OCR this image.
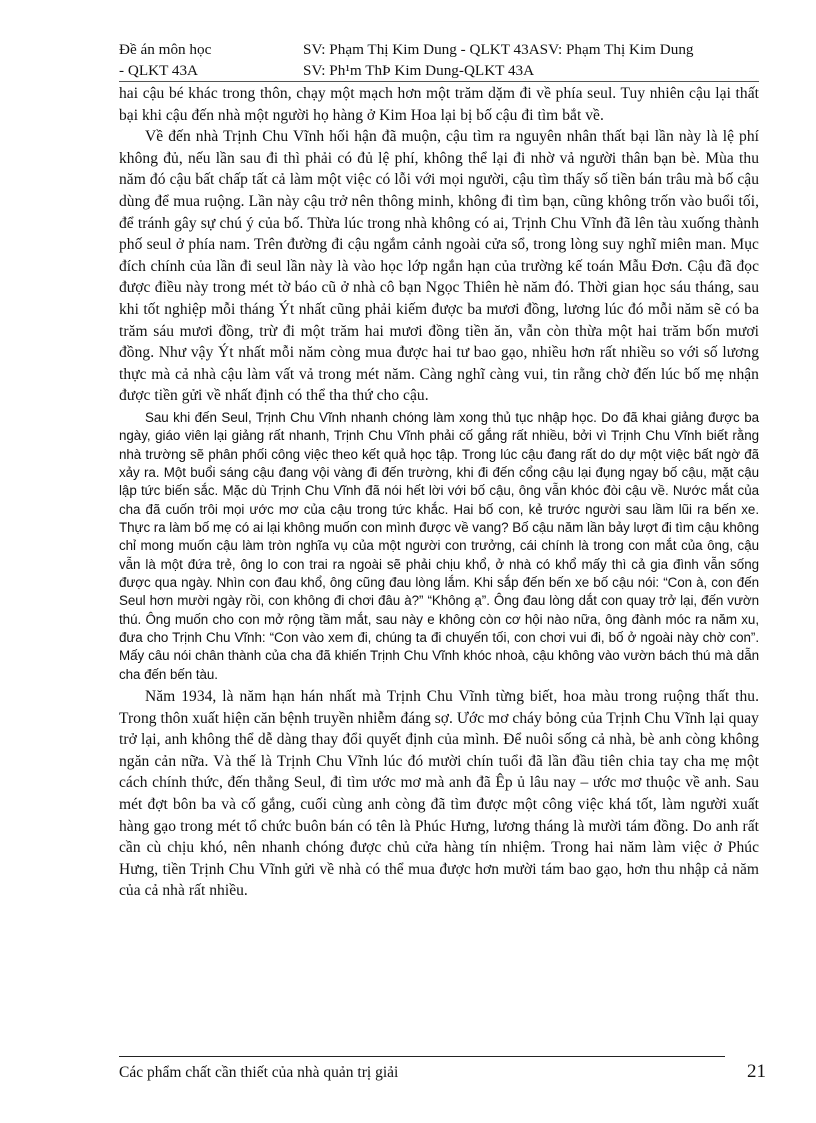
Đề án môn học	SV: Phạm Thị Kim Dung - QLKT 43ASV: Phạm Thị Kim Dung
- QLKT 43A	SV: Ph¹m ThÞ Kim Dung-QLKT 43A

hai cậu bé khác trong thôn, chạy một mạch hơn một trăm dặm đi về phía seul. Tuy nhiên cậu lại thất bại khi cậu đến nhà một người họ hàng ở Kim Hoa lại bị bố cậu đi tìm bắt về.

Về đến nhà Trịnh Chu Vĩnh hối hận đã muộn, cậu tìm ra nguyên nhân thất bại lần này là lệ phí không đủ, nếu lần sau đi thì phải có đủ lệ phí, không thể lại đi nhờ vả người thân bạn bè. Mùa thu năm đó cậu bất chấp tất cả làm một việc có lỗi với mọi người, cậu tìm thấy số tiền bán trâu mà bố cậu dùng để mua ruộng. Lần này cậu trở nên thông minh, không đi tìm bạn, cũng không trốn vào buổi tối, để tránh gây sự chú ý của bố. Thừa lúc trong nhà không có ai, Trịnh Chu Vĩnh đã lên tàu xuống thành phố seul ở phía nam. Trên đường đi cậu ngắm cảnh ngoài cửa sổ, trong lòng suy nghĩ miên man. Mục đích chính của lần đi seul lần này là vào học lớp ngắn hạn của trường kế toán Mẫu Đơn. Cậu đã đọc được điều này trong mét tờ báo cũ ở nhà cô bạn Ngọc Thiên hè năm đó. Thời gian học sáu tháng, sau khi tốt nghiệp mỗi tháng Ýt nhất cũng phải kiếm được ba mươi đồng, lương lúc đó mỗi năm sẽ có ba trăm sáu mươi đồng, trừ đi một trăm hai mươi đồng tiền ăn, vẫn còn thừa một hai trăm bốn mươi đồng. Như vậy Ýt nhất mỗi năm còng mua được hai tư bao gạo, nhiều hơn rất nhiều so với số lương thực mà cả nhà cậu làm vất vả trong mét năm. Càng nghĩ càng vui, tin rằng chờ đến lúc bố mẹ nhận được tiền gửi về nhất định có thể tha thứ cho cậu.

Sau khi đến Seul, Trịnh Chu Vĩnh nhanh chóng làm xong thủ tục nhập học. Do đã khai giảng được ba ngày, giáo viên lại giảng rất nhanh, Trịnh Chu Vĩnh phải cố gắng rất nhiều, bởi vì Trịnh Chu Vĩnh biết rằng nhà trường sẽ phân phối công việc theo kết quả học tập. Trong lúc cậu đang rất do dự một việc bất ngờ đã xảy ra. Một buổi sáng cậu đang vội vàng đi đến trường, khi đi đến cổng cậu lại đụng ngay bố cậu, mặt cậu lập tức biến sắc. Mặc dù Trịnh Chu Vĩnh đã nói hết lời với bố cậu, ông vẫn khóc đòi cậu về. Nước mắt của cha đã cuốn trôi mọi ước mơ của cậu trong tức khắc. Hai bố con, kẻ trước người sau lầm lũi ra bến xe. Thực ra làm bố mẹ có ai lại không muốn con mình được về vang? Bố cậu năm lần bảy lượt đi tìm cậu không chỉ mong muốn cậu làm tròn nghĩa vụ của một người con trưởng, cái chính là trong con mắt của ông, cậu vẫn là một đứa trẻ, ông lo con trai ra ngoài sẽ phải chịu khổ, ở nhà có khổ mấy thì cả gia đình vẫn sống được qua ngày. Nhìn con đau khổ, ông cũng đau lòng lắm. Khi sắp đến bến xe bố cậu nói: “Con à, con đến Seul hơn mười ngày rồi, con không đi chơi đâu à?” “Không ạ”. Ông đau lòng dắt con quay trở lại, đến vườn thú. Ông muốn cho con mở rộng tầm mắt, sau này e không còn cơ hội nào nữa, ông đành móc ra năm xu, đưa cho Trịnh Chu Vĩnh: “Con vào xem đi, chúng ta đi chuyến tối, con chơi vui đi, bố ở ngoài này chờ con”. Mấy câu nói chân thành của cha đã khiến Trịnh Chu Vĩnh khóc nhoà, cậu không vào vườn bách thú mà dẫn cha đến bến tàu.

Năm 1934, là năm hạn hán nhất mà Trịnh Chu Vĩnh từng biết, hoa màu trong ruộng thất thu. Trong thôn xuất hiện căn bệnh truyền nhiễm đáng sợ. Ước mơ cháy bỏng của Trịnh Chu Vĩnh lại quay trở lại, anh không thể dễ dàng thay đổi quyết định của mình. Để nuôi sống cả nhà, bè anh còng không ngăn cản nữa. Và thế là Trịnh Chu Vĩnh lúc đó mười chín tuổi đã lần đầu tiên chia tay cha mẹ một cách chính thức, đến thẳng Seul, đi tìm ước mơ mà anh đã Êp ủ lâu nay – ước mơ thuộc về anh. Sau mét đợt bôn ba và cố gắng, cuối cùng anh còng đã tìm được một công việc khá tốt, làm người xuất hàng gạo trong mét tổ chức buôn bán có tên là Phúc Hưng, lương tháng là mười tám đồng. Do anh rất cần cù chịu khó, nên nhanh chóng được chủ cửa hàng tín nhiệm. Trong hai năm làm việc ở Phúc Hưng, tiền Trịnh Chu Vĩnh gửi về nhà có thể mua được hơn mười tám bao gạo, hơn thu nhập cả năm của cả nhà rất nhiều.

Các phẩm chất cần thiết của nhà quản trị giải	21
